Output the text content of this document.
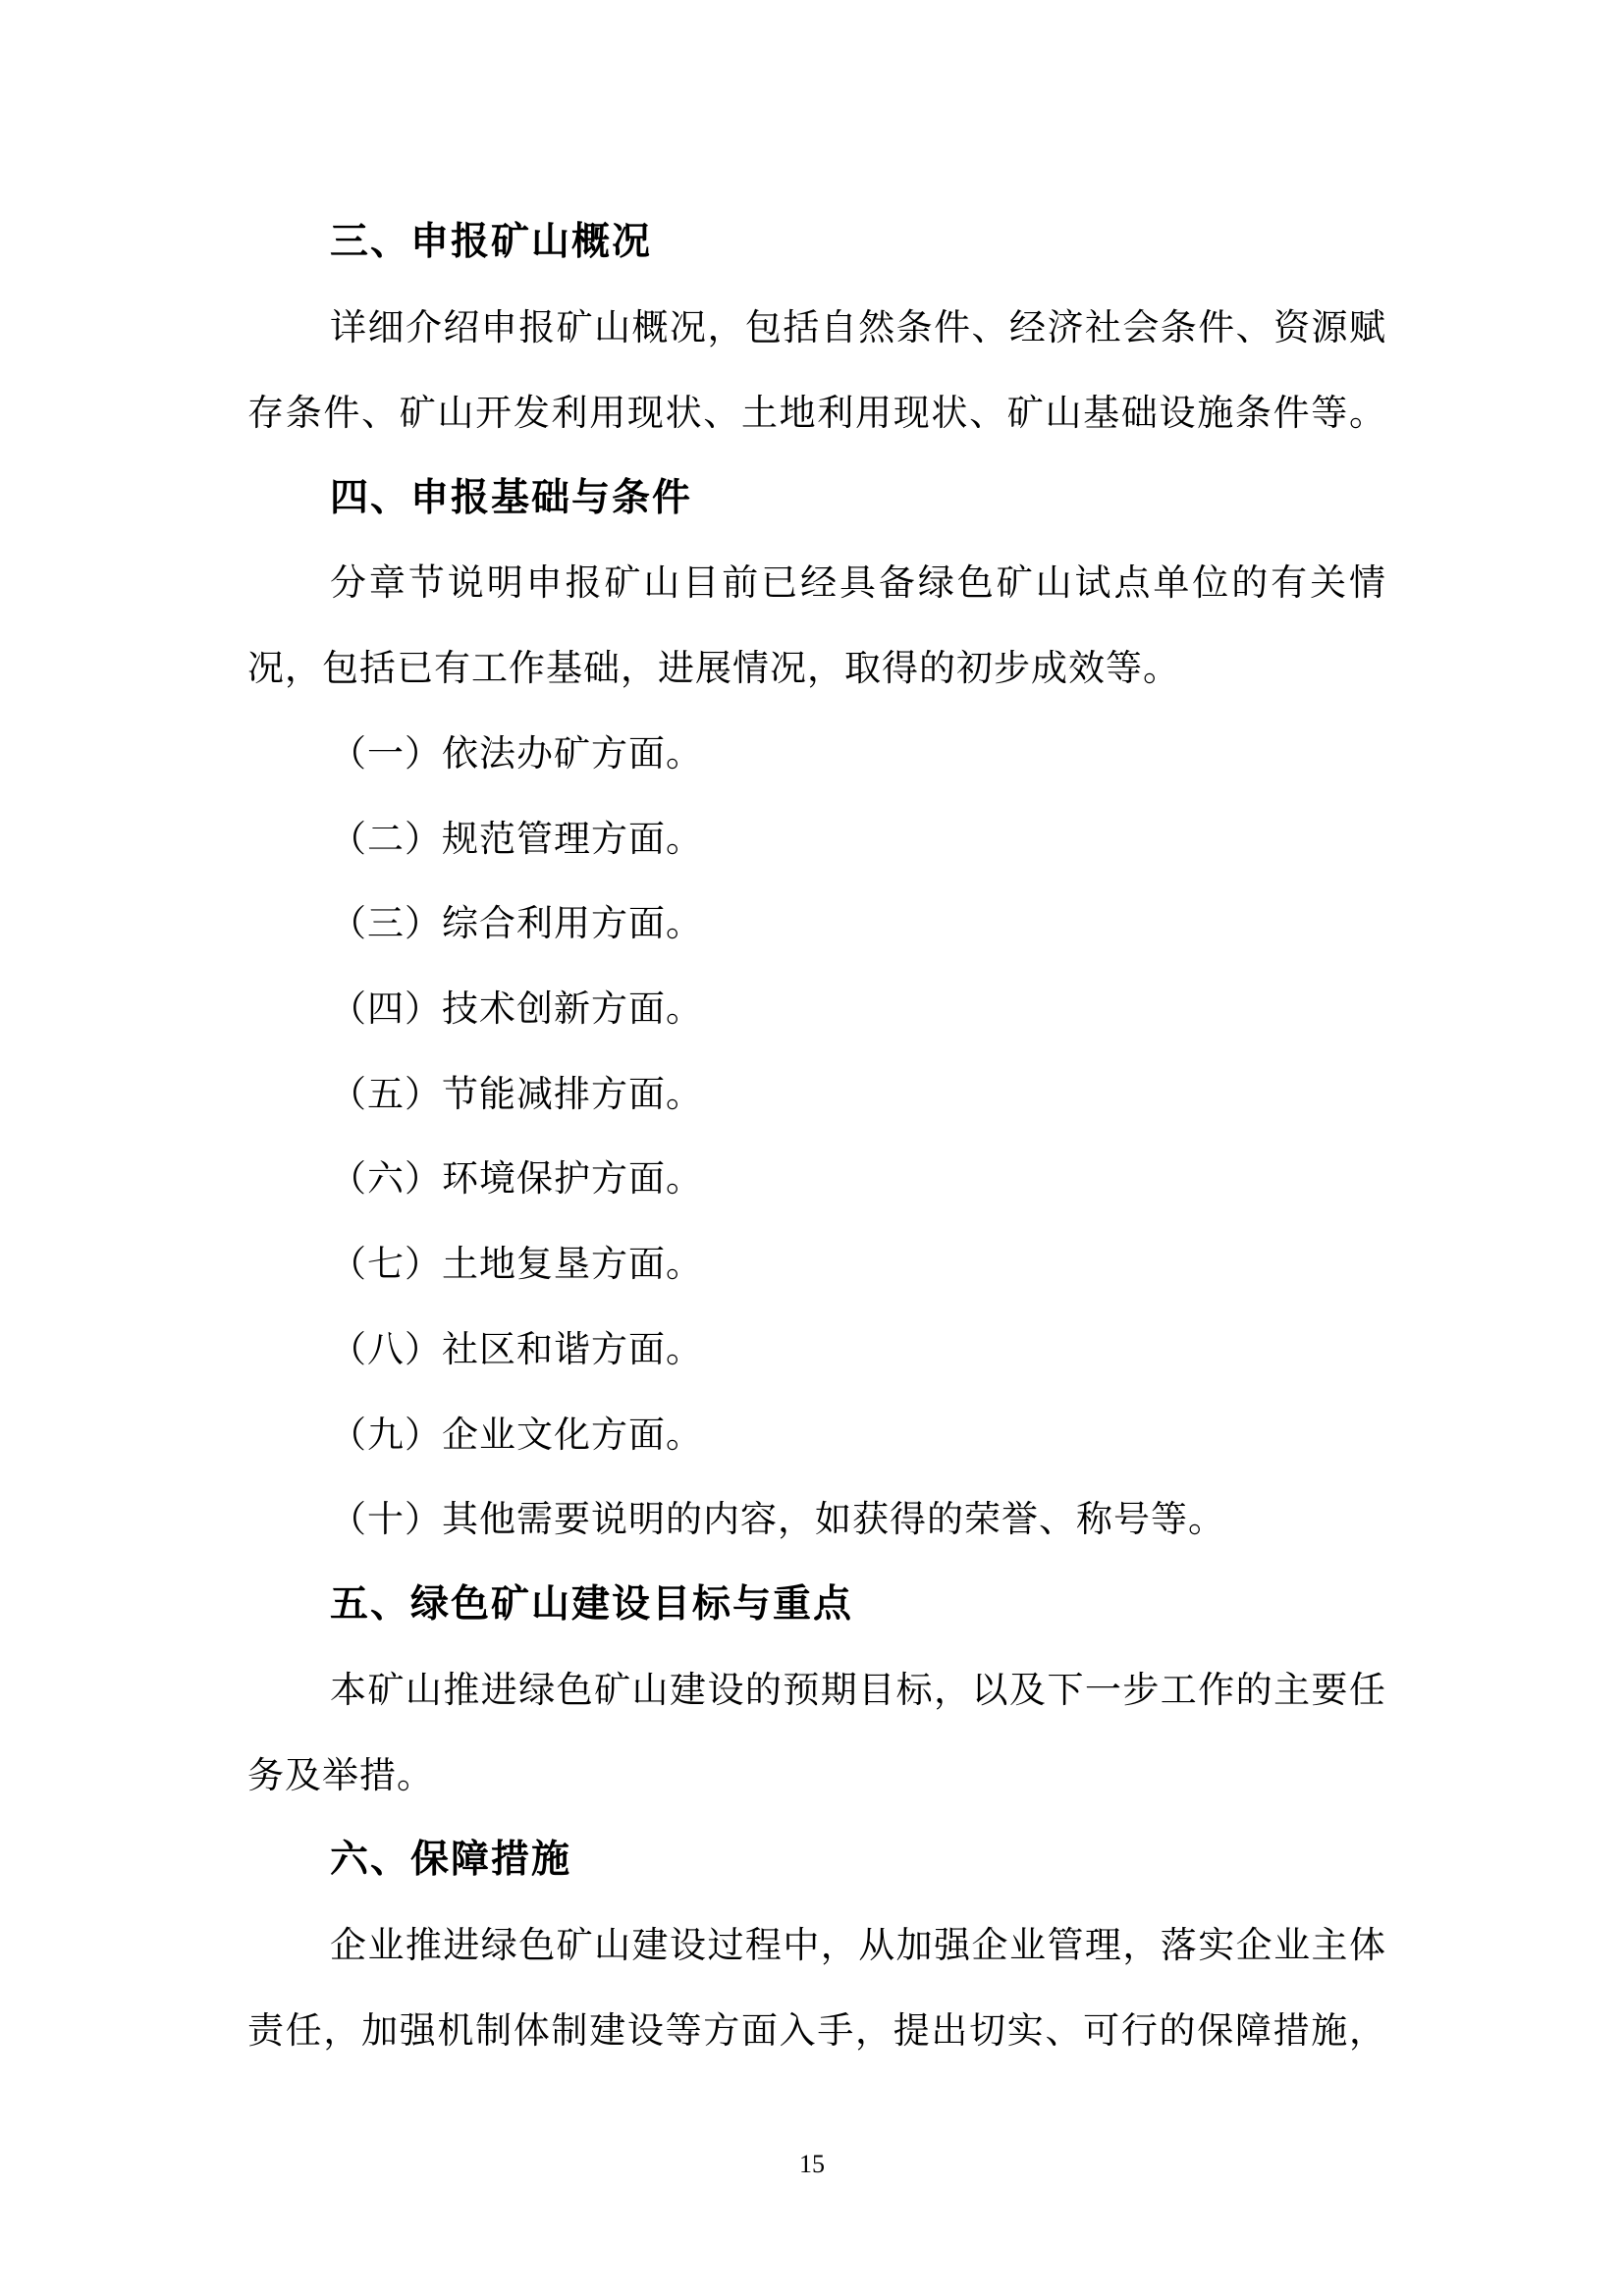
三、申报矿山概况
详细介绍申报矿山概况，包括自然条件、经济社会条件、资源赋
存条件、矿山开发利用现状、土地利用现状、矿山基础设施条件等。
四、申报基础与条件
分章节说明申报矿山目前已经具备绿色矿山试点单位的有关情
况，包括已有工作基础，进展情况，取得的初步成效等。
（一）依法办矿方面。
（二）规范管理方面。
（三）综合利用方面。
（四）技术创新方面。
（五）节能减排方面。
（六）环境保护方面。
（七）土地复垦方面。
（八）社区和谐方面。
（九）企业文化方面。
（十）其他需要说明的内容，如获得的荣誉、称号等。
五、绿色矿山建设目标与重点
本矿山推进绿色矿山建设的预期目标，以及下一步工作的主要任
务及举措。
六、保障措施
企业推进绿色矿山建设过程中，从加强企业管理，落实企业主体
责任，加强机制体制建设等方面入手，提出切实、可行的保障措施，
15
